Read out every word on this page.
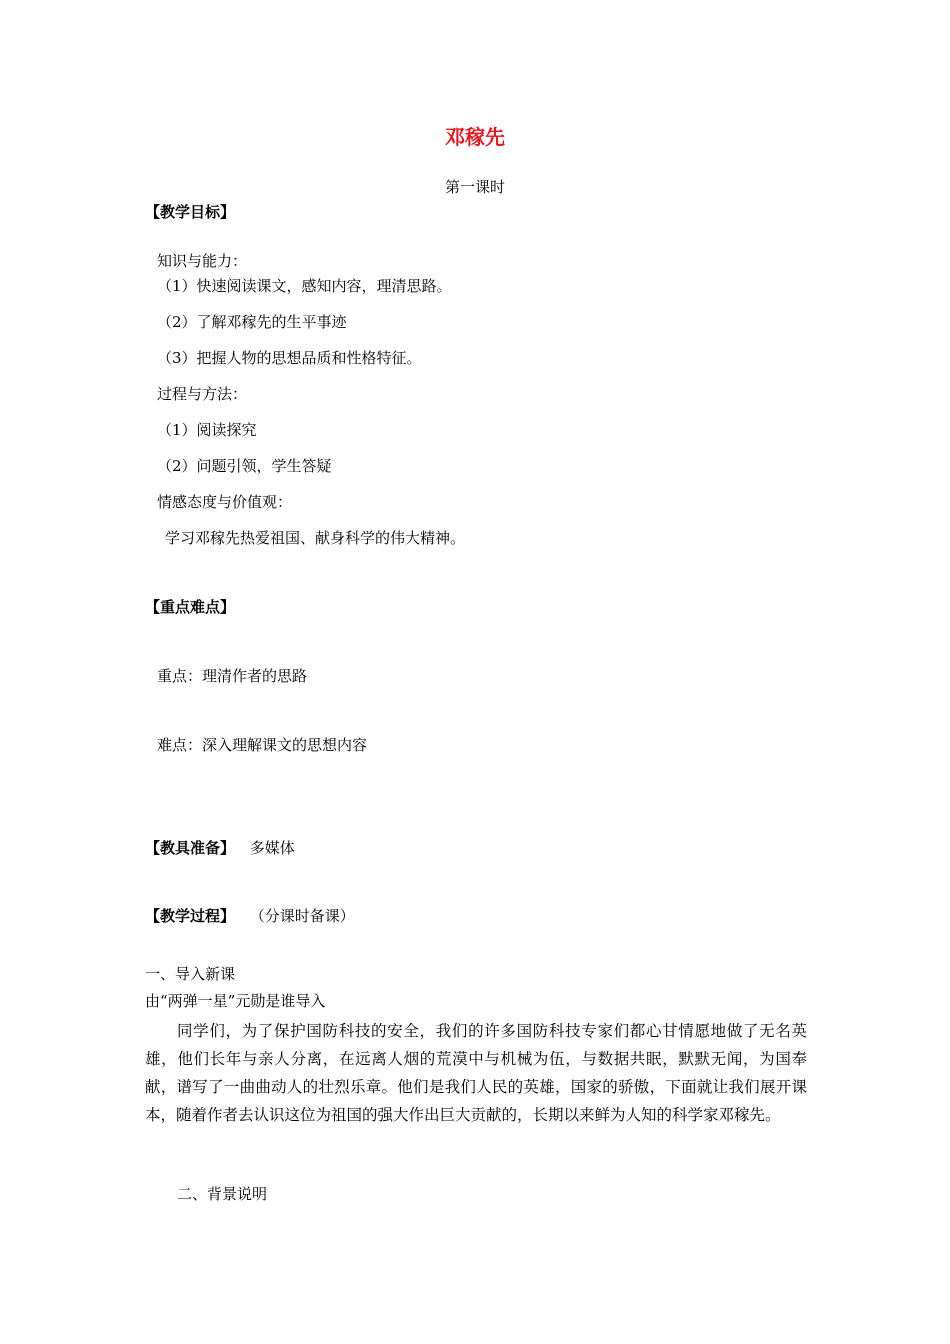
邓稼先
第一课时
【教学目标】
知识与能力：
（1）快速阅读课文，感知内容，理清思路。
（2）了解邓稼先的生平事迹
（3）把握人物的思想品质和性格特征。
过程与方法：
（1）阅读探究
（2）问题引领，学生答疑
情感态度与价值观：
学习邓稼先热爱祖国、献身科学的伟大精神。
【重点难点】
重点：理清作者的思路
难点：深入理解课文的思想内容
【教具准备】 多媒体
【教学过程】 （分课时备课）
一、导入新课
由“两弹一星”元勋是谁导入
同学们，为了保护国防科技的安全，我们的许多国防科技专家们都心甘情愿地做了无名英雄，他们长年与亲人分离，在远离人烟的荒漠中与机械为伍，与数据共眠，默默无闻，为国奉献，谱写了一曲曲动人的壮烈乐章。他们是我们人民的英雄，国家的骄傲，下面就让我们展开课本，随着作者去认识这位为祖国的强大作出巨大贡献的，长期以来鲜为人知的科学家邓稼先。
二、背景说明
